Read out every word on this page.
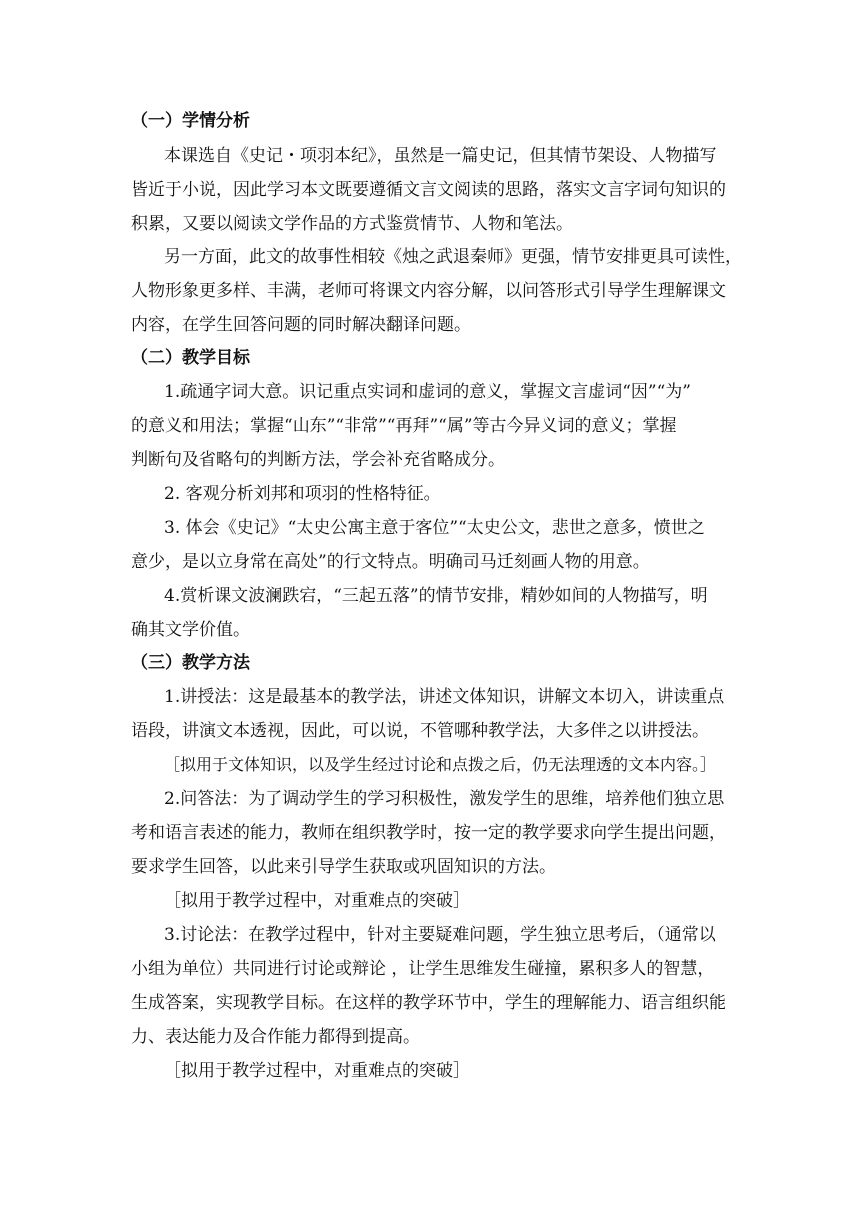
（一）学情分析
本课选自《史记・项羽本纪》，虽然是一篇史记，但其情节架设、人物描写
皆近于小说，因此学习本文既要遵循文言文阅读的思路，落实文言字词句知识的
积累，又要以阅读文学作品的方式鉴赏情节、人物和笔法。
另一方面，此文的故事性相较《烛之武退秦师》更强，情节安排更具可读性，
人物形象更多样、丰满，老师可将课文内容分解，以问答形式引导学生理解课文
内容，在学生回答问题的同时解决翻译问题。
（二）教学目标
1.疏通字词大意。识记重点实词和虚词的意义，掌握文言虚词“因”“为”
的意义和用法；掌握“山东”“非常”“再拜”“属”等古今异义词的意义；掌握
判断句及省略句的判断方法，学会补充省略成分。
2. 客观分析刘邦和项羽的性格特征。
3. 体会《史记》“太史公寓主意于客位”“太史公文，悲世之意多，愤世之
意少，是以立身常在高处”的行文特点。明确司马迁刻画人物的用意。
4.赏析课文波澜跌宕，“三起五落”的情节安排，精妙如间的人物描写，明
确其文学价值。
（三）教学方法
1.讲授法：这是最基本的教学法，讲述文体知识，讲解文本切入，讲读重点
语段，讲演文本透视，因此，可以说，不管哪种教学法，大多伴之以讲授法。
［拟用于文体知识，以及学生经过讨论和点拨之后，仍无法理透的文本内容。］
2.问答法：为了调动学生的学习积极性，激发学生的思维，培养他们独立思
考和语言表述的能力，教师在组织教学时，按一定的教学要求向学生提出问题，
要求学生回答，以此来引导学生获取或巩固知识的方法。
［拟用于教学过程中，对重难点的突破］
3.讨论法：在教学过程中，针对主要疑难问题，学生独立思考后，（通常以
小组为单位）共同进行讨论或辩论 ，让学生思维发生碰撞，累积多人的智慧，
生成答案，实现教学目标。在这样的教学环节中，学生的理解能力、语言组织能
力、表达能力及合作能力都得到提高。
［拟用于教学过程中，对重难点的突破］
